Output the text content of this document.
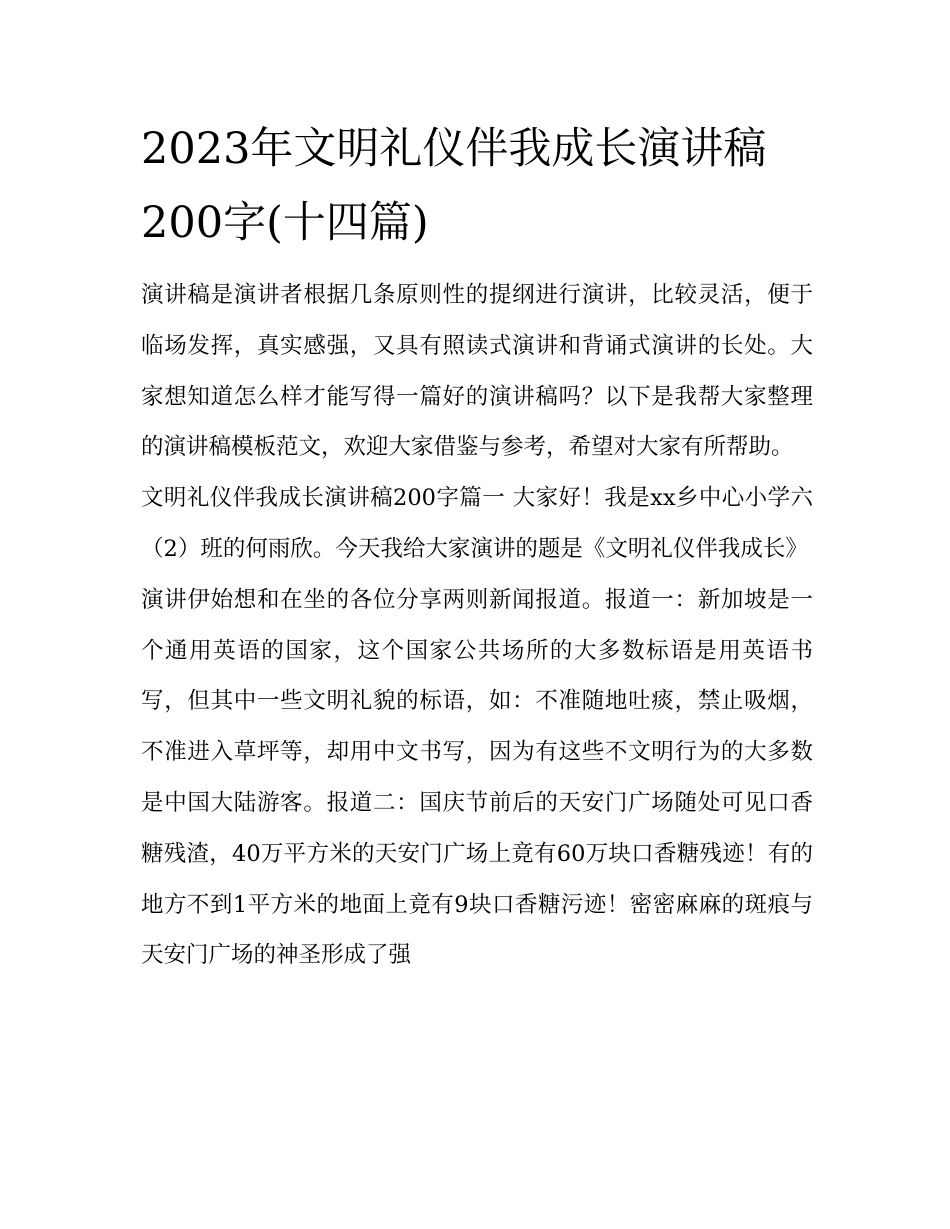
2023年文明礼仪伴我成长演讲稿200字(十四篇)

演讲稿是演讲者根据几条原则性的提纲进行演讲，比较灵活，便于临场发挥，真实感强，又具有照读式演讲和背诵式演讲的长处。大家想知道怎么样才能写得一篇好的演讲稿吗？以下是我帮大家整理的演讲稿模板范文，欢迎大家借鉴与参考，希望对大家有所帮助。

文明礼仪伴我成长演讲稿200字篇一 大家好！我是xx乡中心小学六（2）班的何雨欣。今天我给大家演讲的题是《文明礼仪伴我成长》

演讲伊始想和在坐的各位分享两则新闻报道。报道一：新加坡是一个通用英语的国家，这个国家公共场所的大多数标语是用英语书写，但其中一些文明礼貌的标语，如：不准随地吐痰，禁止吸烟，不准进入草坪等，却用中文书写，因为有这些不文明行为的大多数是中国大陆游客。报道二：国庆节前后的天安门广场随处可见口香糖残渣，40万平方米的天安门广场上竟有60万块口香糖残迹！有的地方不到1平方米的地面上竟有9块口香糖污迹！密密麻麻的斑痕与天安门广场的神圣形成了强
